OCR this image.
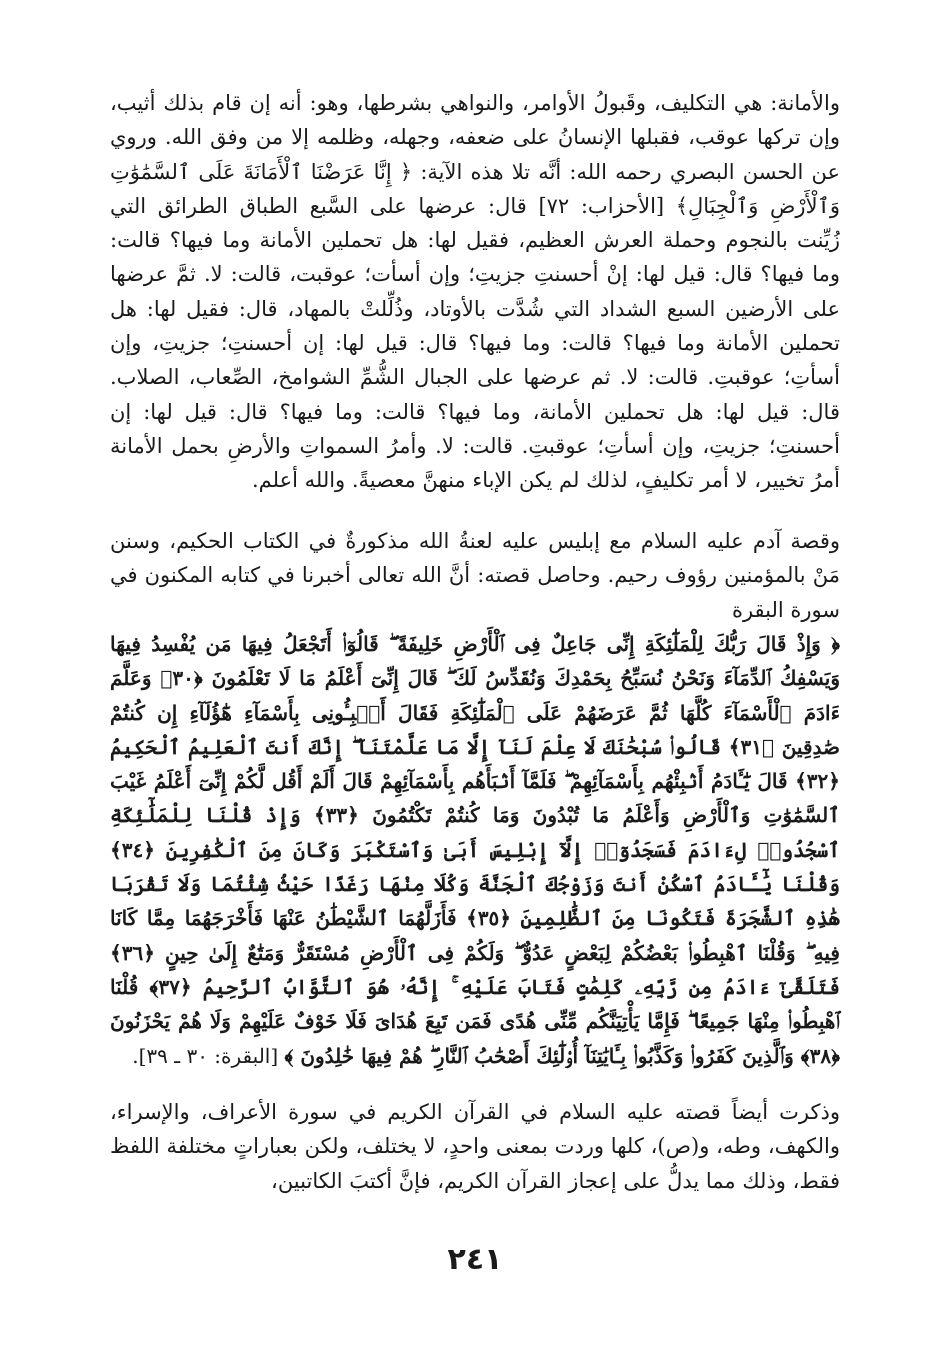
والأمانة: هي التكليف، وقَبولُ الأوامر، والنواهي بشرطها، وهو: أنه إن قام بذلك أثيب، وإن تركها عوقب، فقبلها الإنسانُ على ضعفه، وجهله، وظلمه إلا من وفق الله. وروي عن الحسن البصري رحمه الله: أنَّه تلا هذه الآية: ﴿ إِنَّا عَرَضْنَا ٱلْأَمَانَةَ عَلَى ٱلسَّمَٰوَٰتِ وَٱلْأَرْضِ وَٱلْجِبَالِ﴾ [الأحزاب: ٧٢] قال: عرضها على السَّبع الطباق الطرائق التي زُيِّنت بالنجوم وحملة العرش العظيم، فقيل لها: هل تحملين الأمانة وما فيها؟ قالت: وما فيها؟ قال: قيل لها: إنْ أحسنتِ جزيتِ؛ وإن أسأت؛ عوقبت، قالت: لا. ثمَّ عرضها على الأرضين السبع الشداد التي شُدَّت بالأوتاد، وذُلِّلتْ بالمهاد، قال: فقيل لها: هل تحملين الأمانة وما فيها؟ قالت: وما فيها؟ قال: قيل لها: إن أحسنتِ؛ جزيتِ، وإن أسأتِ؛ عوقبتِ. قالت: لا. ثم عرضها على الجبال الشُّمِّ الشوامخ، الصِّعاب، الصلاب. قال: قيل لها: هل تحملين الأمانة، وما فيها؟ قالت: وما فيها؟ قال: قيل لها: إن أحسنتِ؛ جزيتِ، وإن أسأتِ؛ عوقبتِ. قالت: لا. وأمرُ السمواتِ والأرضِ بحمل الأمانة أمرُ تخيير، لا أمر تكليفٍ، لذلك لم يكن الإباء منهنَّ معصيةً. والله أعلم.

وقصة آدم عليه السلام مع إبليس عليه لعنةُ الله مذكورةٌ في الكتاب الحكيم، وسنن مَنْ بالمؤمنين رؤوف رحيم. وحاصل قصته: أنَّ الله تعالى أخبرنا في كتابه المكنون في سورة البقرة

﴿ وَإِذْ قَالَ رَبُّكَ لِلْمَلَٰٓئِكَةِ إِنِّى جَاعِلٌ فِى ٱلْأَرْضِ خَلِيفَةً ۖ قَالُوٓا۟ أَتَجْعَلُ فِيهَا مَن يُفْسِدُ فِيهَا وَيَسْفِكُ ٱلدِّمَآءَ وَنَحْنُ نُسَبِّحُ بِحَمْدِكَ وَنُقَدِّسُ لَكَ ۖ قَالَ إِنِّىٓ أَعْلَمُ مَا لَا تَعْلَمُونَ ﴿٣٠﴾ وَعَلَّمَ ءَادَمَ ٱلْأَسْمَآءَ كُلَّهَا ثُمَّ عَرَضَهُمْ عَلَى ٱلْمَلَٰٓئِكَةِ فَقَالَ أَنۢبِـُٔونِى بِأَسْمَآءِ هَٰٓؤُلَآءِ إِن كُنتُمْ صَٰدِقِينَ ﴿٣١﴾ قَالُوا۟ سُبْحَٰنَكَ لَا عِلْمَ لَنَآ إِلَّا مَا عَلَّمْتَنَآ ۖ إِنَّكَ أَنتَ ٱلْعَلِيمُ ٱلْحَكِيمُ ﴿٣٢﴾ قَالَ يَٰٓـَٔادَمُ أَنۢبِئْهُم بِأَسْمَآئِهِمْ ۖ فَلَمَّآ أَنۢبَأَهُم بِأَسْمَآئِهِمْ قَالَ أَلَمْ أَقُل لَّكُمْ إِنِّىٓ أَعْلَمُ غَيْبَ ٱلسَّمَٰوَٰتِ وَٱلْأَرْضِ وَأَعْلَمُ مَا تُبْدُونَ وَمَا كُنتُمْ تَكْتُمُونَ ﴿٣٣﴾ وَإِذْ قُلْنَا لِلْمَلَٰٓئِكَةِ ٱسْجُدُوا۟ لِءَادَمَ فَسَجَدُوٓا۟ إِلَّآ إِبْلِيسَ أَبَىٰ وَٱسْتَكْبَرَ وَكَانَ مِنَ ٱلْكَٰفِرِينَ ﴿٣٤﴾ وَقُلْنَا يَٰٓـَٔادَمُ ٱسْكُنْ أَنتَ وَزَوْجُكَ ٱلْجَنَّةَ وَكُلَا مِنْهَا رَغَدًا حَيْثُ شِئْتُمَا وَلَا تَقْرَبَا هَٰذِهِ ٱلشَّجَرَةَ فَتَكُونَا مِنَ ٱلظَّٰلِمِينَ ﴿٣٥﴾ فَأَزَلَّهُمَا ٱلشَّيْطَٰنُ عَنْهَا فَأَخْرَجَهُمَا مِمَّا كَانَا فِيهِ ۖ وَقُلْنَا ٱهْبِطُوا۟ بَعْضُكُمْ لِبَعْضٍ عَدُوٌّ ۖ وَلَكُمْ فِى ٱلْأَرْضِ مُسْتَقَرٌّ وَمَتَٰعٌ إِلَىٰ حِينٍ ﴿٣٦﴾ فَتَلَقَّىٰٓ ءَادَمُ مِن رَّبِّهِۦ كَلِمَٰتٍ فَتَابَ عَلَيْهِ ۚ إِنَّهُۥ هُوَ ٱلتَّوَّابُ ٱلرَّحِيمُ ﴿٣٧﴾ قُلْنَا ٱهْبِطُوا۟ مِنْهَا جَمِيعًا ۖ فَإِمَّا يَأْتِيَنَّكُم مِّنِّى هُدًى فَمَن تَبِعَ هُدَاىَ فَلَا خَوْفٌ عَلَيْهِمْ وَلَا هُمْ يَحْزَنُونَ ﴿٣٨﴾ وَٱلَّذِينَ كَفَرُوا۟ وَكَذَّبُوا۟ بِـَٔايَٰتِنَآ أُو۟لَٰٓئِكَ أَصْحَٰبُ ٱلنَّارِ ۖ هُمْ فِيهَا خَٰلِدُونَ ﴾ [البقرة: ٣٠ ـ ٣٩].

وذكرت أيضاً قصته عليه السلام في القرآن الكريم في سورة الأعراف، والإسراء، والكهف، وطه، و(ص)، كلها وردت بمعنى واحدٍ، لا يختلف، ولكن بعباراتٍ مختلفة اللفظ فقط، وذلك مما يدلُّ على إعجاز القرآن الكريم، فإنَّ أكتبَ الكاتبين،

٢٤١
